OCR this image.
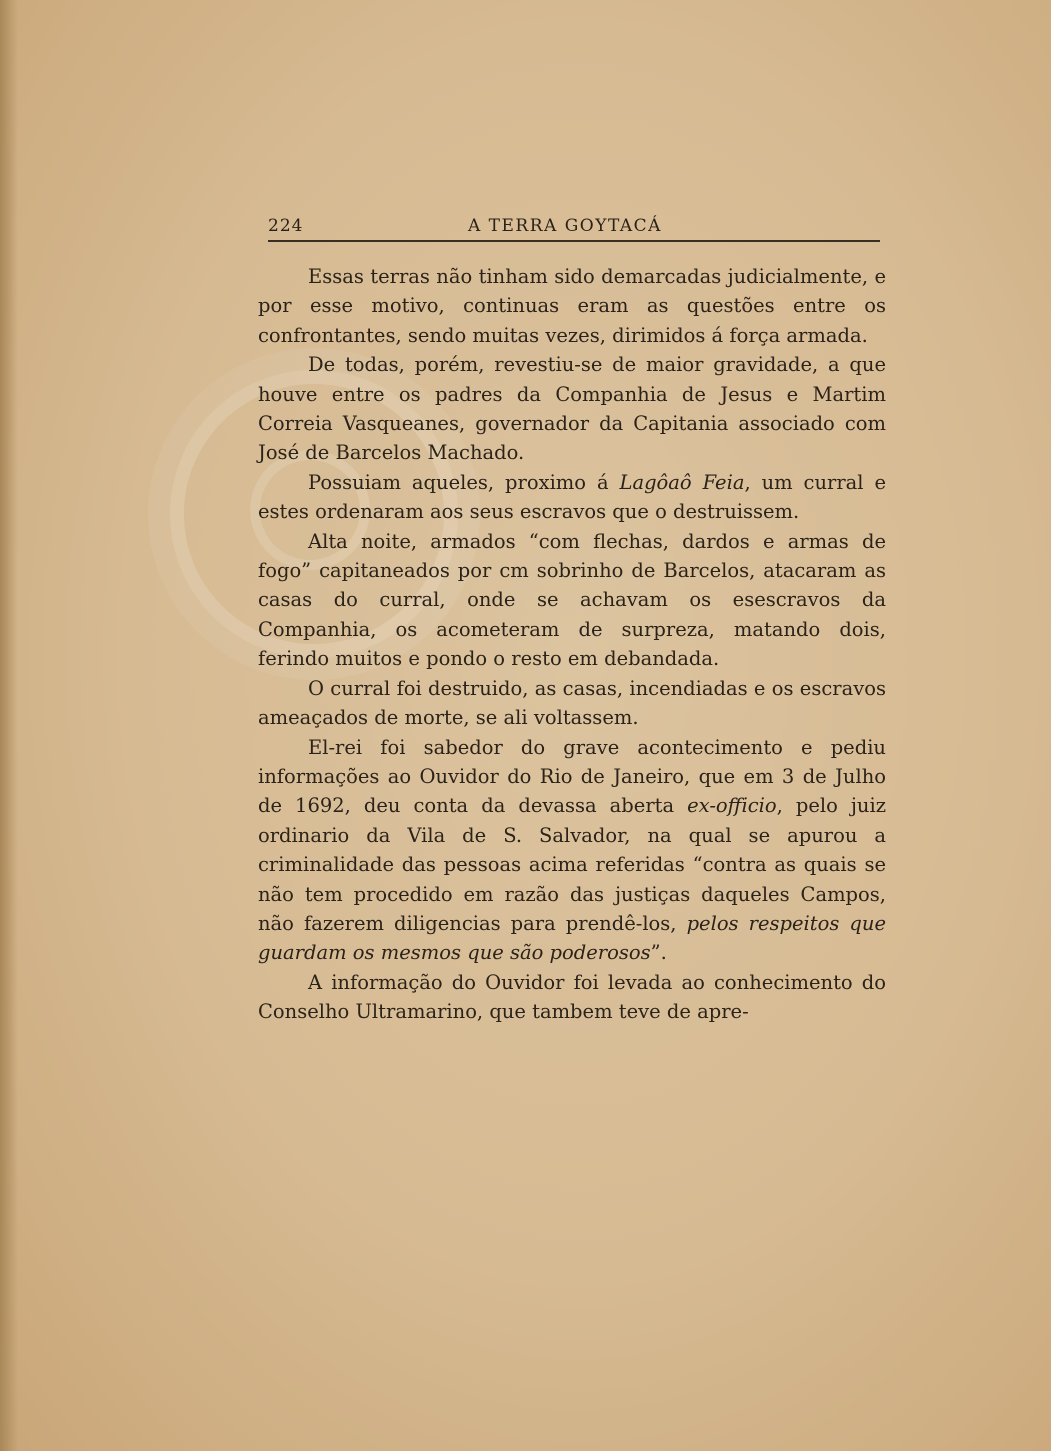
224	A TERRA GOYTACÁ

Essas terras não tinham sido demarcadas judicialmente, e por esse motivo, continuas eram as questões entre os confrontantes, sendo muitas vezes, dirimidos á força armada.

De todas, porém, revestiu-se de maior gravidade, a que houve entre os padres da Companhia de Jesus e Martim Correia Vasqueanes, governador da Capitania associado com José de Barcelos Machado.

Possuiam aqueles, proximo á Lagôaô Feia, um curral e estes ordenaram aos seus escravos que o destruissem.

Alta noite, armados “com flechas, dardos e armas de fogo” capitaneados por cm sobrinho de Barcelos, atacaram as casas do curral, onde se achavam os esescravos da Companhia, os acometeram de surpreza, matando dois, ferindo muitos e pondo o resto em debandada.

O curral foi destruido, as casas, incendiadas e os escravos ameaçados de morte, se ali voltassem.

El-rei foi sabedor do grave acontecimento e pediu informações ao Ouvidor do Rio de Janeiro, que em 3 de Julho de 1692, deu conta da devassa aberta ex-officio, pelo juiz ordinario da Vila de S. Salvador, na qual se apurou a criminalidade das pessoas acima referidas “contra as quais se não tem procedido em razão das justiças daqueles Campos, não fazerem diligencias para prendê-los, pelos respeitos que guardam os mesmos que são poderosos”.

A informação do Ouvidor foi levada ao conhecimento do Conselho Ultramarino, que tambem teve de apre-
